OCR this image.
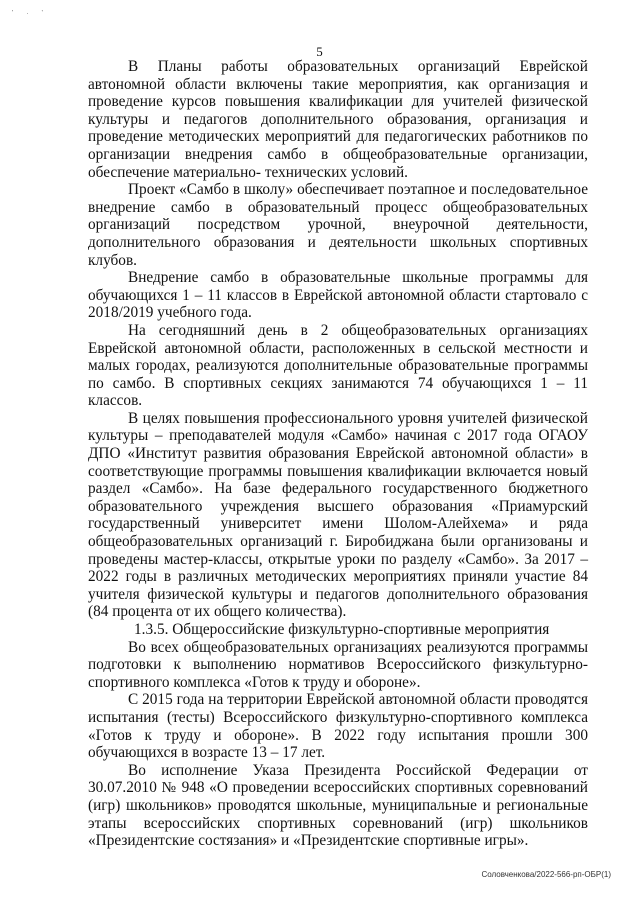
' . '
5

В Планы работы образовательных организаций Еврейской автономной области включены такие мероприятия, как организация и проведение курсов повышения квалификации для учителей физической культуры и педагогов дополнительного образования, организация и проведение методических мероприятий для педагогических работников по организации внедрения самбо в общеобразовательные организации, обеспечение материально- технических условий.

Проект «Самбо в школу» обеспечивает поэтапное и последовательное внедрение самбо в образовательный процесс общеобразовательных организаций посредством урочной, внеурочной деятельности, дополнительного образования и деятельности школьных спортивных клубов.

Внедрение самбо в образовательные школьные программы для обучающихся 1 – 11 классов в Еврейской автономной области стартовало с 2018/2019 учебного года.

На сегодняшний день в 2 общеобразовательных организациях Еврейской автономной области, расположенных в сельской местности и малых городах, реализуются дополнительные образовательные программы по самбо. В спортивных секциях занимаются 74 обучающихся 1 – 11 классов.

В целях повышения профессионального уровня учителей физической культуры – преподавателей модуля «Самбо» начиная с 2017 года ОГАОУ ДПО «Институт развития образования Еврейской автономной области» в соответствующие программы повышения квалификации включается новый раздел «Самбо». На базе федерального государственного бюджетного образовательного учреждения высшего образования «Приамурский государственный университет имени Шолом-Алейхема» и ряда общеобразовательных организаций г. Биробиджана были организованы и проведены мастер-классы, открытые уроки по разделу «Самбо». За 2017 – 2022 годы в различных методических мероприятиях приняли участие 84 учителя физической культуры и педагогов дополнительного образования (84 процента от их общего количества).

1.3.5. Общероссийские физкультурно-спортивные мероприятия

Во всех общеобразовательных организациях реализуются программы подготовки к выполнению нормативов Всероссийского физкультурно-спортивного комплекса «Готов к труду и обороне».

С 2015 года на территории Еврейской автономной области проводятся испытания (тесты) Всероссийского физкультурно-спортивного комплекса «Готов к труду и обороне». В 2022 году испытания прошли 300 обучающихся в возрасте 13 – 17 лет.

Во исполнение Указа Президента Российской Федерации от 30.07.2010 № 948 «О проведении всероссийских спортивных соревнований (игр) школьников» проводятся школьные, муниципальные и региональные этапы всероссийских спортивных соревнований (игр) школьников «Президентские состязания» и «Президентские спортивные игры».

Соловченкова/2022-566-рп-ОБР(1)
